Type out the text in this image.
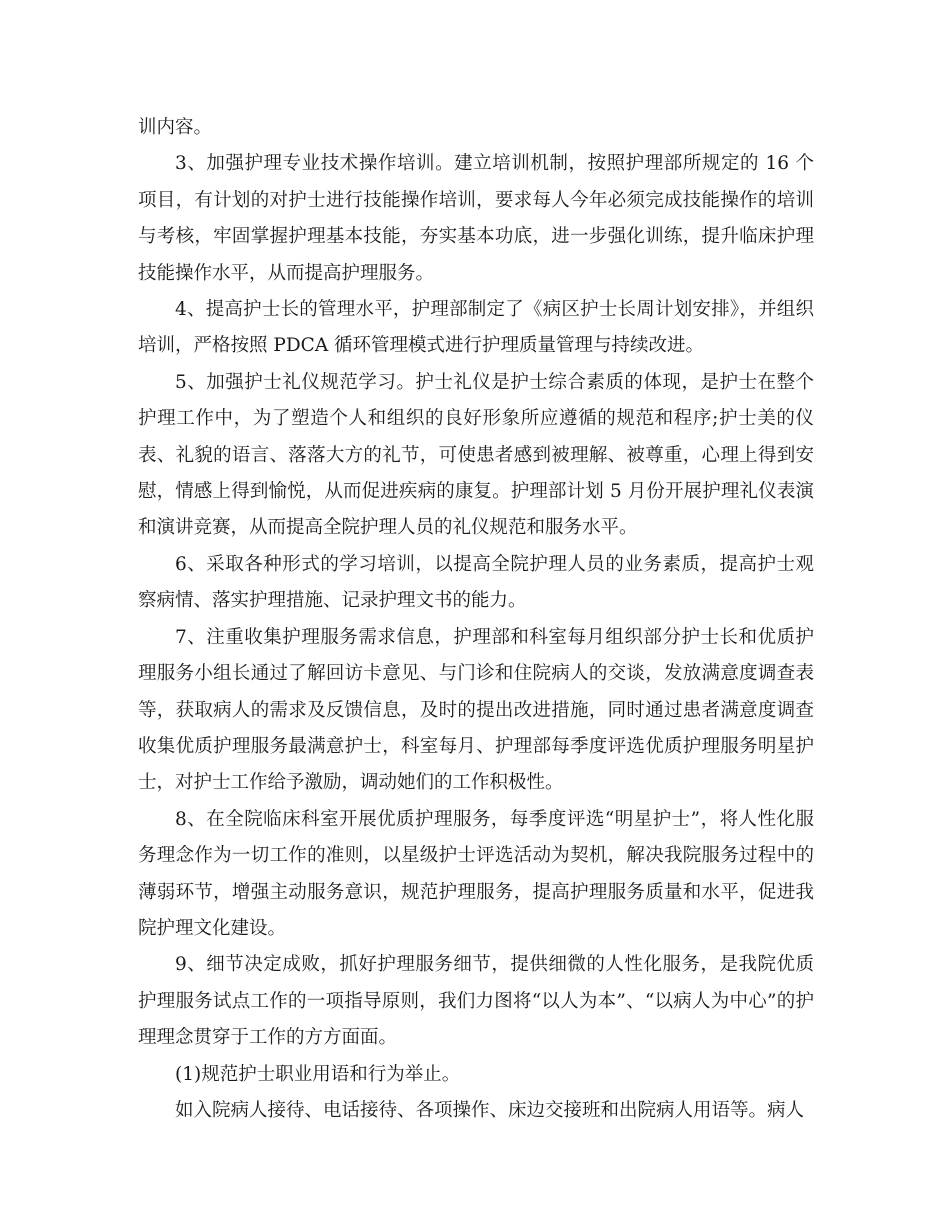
训内容。

3、加强护理专业技术操作培训。建立培训机制，按照护理部所规定的 16 个项目，有计划的对护士进行技能操作培训，要求每人今年必须完成技能操作的培训与考核，牢固掌握护理基本技能，夯实基本功底，进一步强化训练，提升临床护理技能操作水平，从而提高护理服务。

4、提高护士长的管理水平，护理部制定了《病区护士长周计划安排》，并组织培训，严格按照 PDCA 循环管理模式进行护理质量管理与持续改进。

5、加强护士礼仪规范学习。护士礼仪是护士综合素质的体现，是护士在整个护理工作中，为了塑造个人和组织的良好形象所应遵循的规范和程序;护士美的仪表、礼貌的语言、落落大方的礼节，可使患者感到被理解、被尊重，心理上得到安慰，情感上得到愉悦，从而促进疾病的康复。护理部计划 5 月份开展护理礼仪表演和演讲竞赛，从而提高全院护理人员的礼仪规范和服务水平。

6、采取各种形式的学习培训，以提高全院护理人员的业务素质，提高护士观察病情、落实护理措施、记录护理文书的能力。

7、注重收集护理服务需求信息，护理部和科室每月组织部分护士长和优质护理服务小组长通过了解回访卡意见、与门诊和住院病人的交谈，发放满意度调查表等，获取病人的需求及反馈信息，及时的提出改进措施，同时通过患者满意度调查收集优质护理服务最满意护士，科室每月、护理部每季度评选优质护理服务明星护士，对护士工作给予激励，调动她们的工作积极性。

8、在全院临床科室开展优质护理服务，每季度评选“明星护士”，将人性化服务理念作为一切工作的准则，以星级护士评选活动为契机，解决我院服务过程中的薄弱环节，增强主动服务意识，规范护理服务，提高护理服务质量和水平，促进我院护理文化建设。

9、细节决定成败，抓好护理服务细节，提供细微的人性化服务，是我院优质护理服务试点工作的一项指导原则，我们力图将“以人为本”、“以病人为中心”的护理理念贯穿于工作的方方面面。

(1)规范护士职业用语和行为举止。

如入院病人接待、电话接待、各项操作、床边交接班和出院病人用语等。病人
